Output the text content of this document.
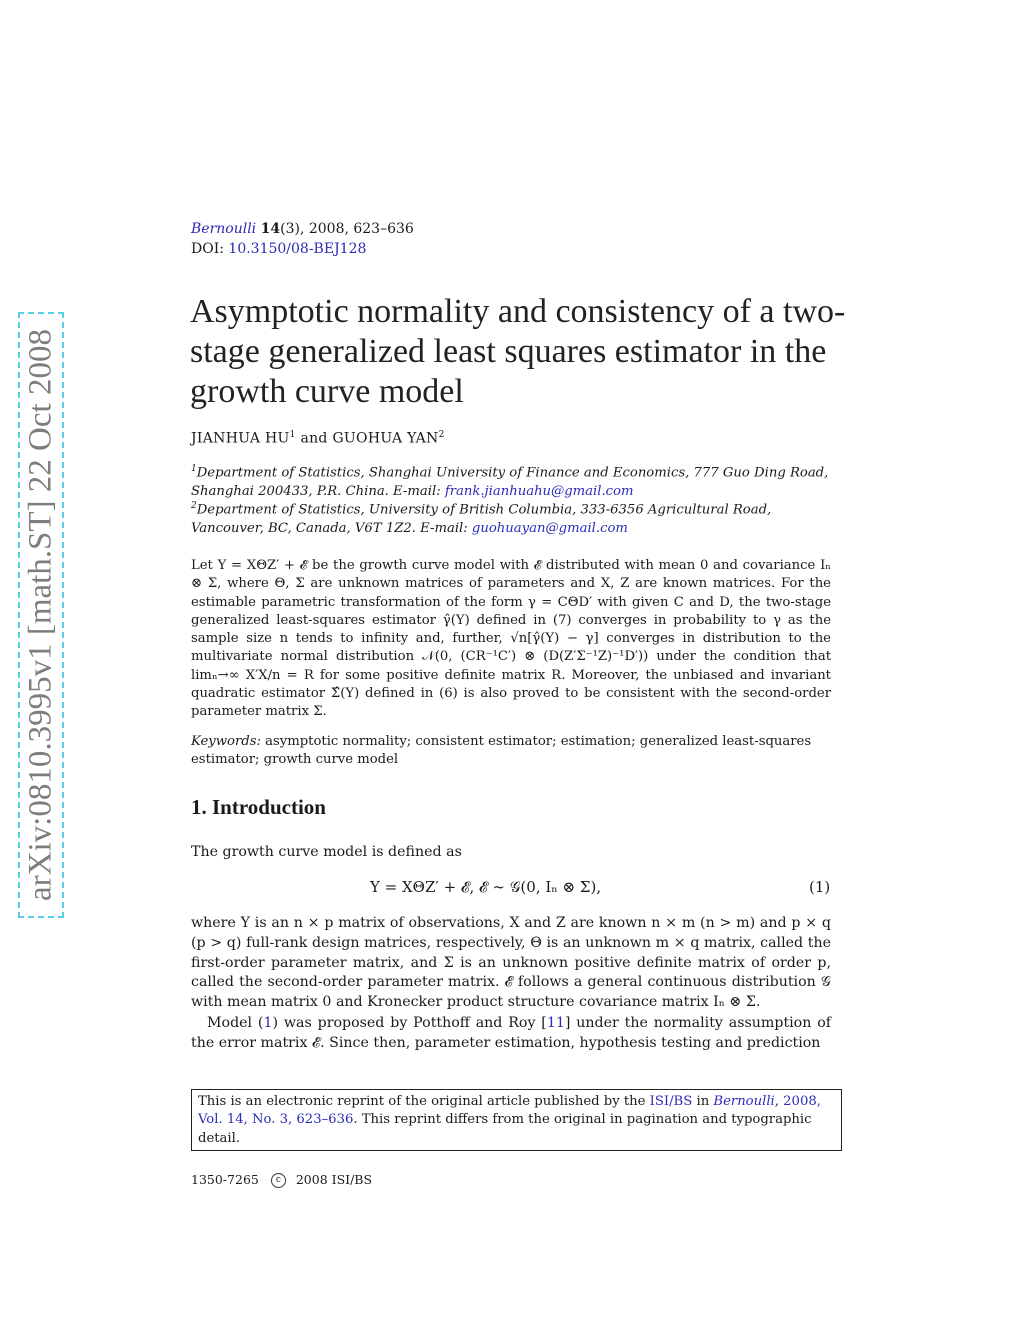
arXiv:0810.3995v1 [math.ST] 22 Oct 2008
Bernoulli 14(3), 2008, 623–636
DOI: 10.3150/08-BEJ128
Asymptotic normality and consistency of a two-stage generalized least squares estimator in the growth curve model
JIANHUA $HU^1$ and GUOHUA YAN$^2$
$^1$Department of Statistics, Shanghai University of Finance and Economics, 777 Guo Ding Road, Shanghai 200433, P.R. China. E-mail: frank.jianhuahu@gmail.com
$^2$Department of Statistics, University of British Columbia, 333-6356 Agricultural Road, Vancouver, BC, Canada, V6T 1Z2. E-mail: guohuayan@gmail.com

Let Y = XΘZ′ + 𝓔 be the growth curve model with 𝓔 distributed with mean 0 and covariance Iₙ ⊗ Σ, where Θ, Σ are unknown matrices of parameters and X, Z are known matrices. For the estimable parametric transformation of the form γ = CΘD′ with given C and D, the two-stage generalized least-squares estimator γ̂(Y) defined in (7) converges in probability to γ as the sample size n tends to infinity and, further, √n[γ̂(Y) − γ] converges in distribution to the multivariate normal distribution 𝒩(0, (CR⁻¹C′) ⊗ (D(Z′Σ⁻¹Z)⁻¹D′)) under the condition that limₙ→∞ X′X/n = R for some positive definite matrix R. Moreover, the unbiased and invariant quadratic estimator Σ̂(Y) defined in (6) is also proved to be consistent with the second-order parameter matrix Σ.

Keywords: asymptotic normality; consistent estimator; estimation; generalized least-squares estimator; growth curve model

1. Introduction

The growth curve model is defined as

Y = XΘZ′ + 𝓔, 𝓔 ∼ 𝒢(0, Iₙ ⊗ Σ),	(1)

where Y is an n × p matrix of observations, X and Z are known n × m (n > m) and p × q (p > q) full-rank design matrices, respectively, Θ is an unknown m × q matrix, called the first-order parameter matrix, and Σ is an unknown positive definite matrix of order p, called the second-order parameter matrix. 𝓔 follows a general continuous distribution 𝒢 with mean matrix 0 and Kronecker product structure covariance matrix Iₙ ⊗ Σ.

Model (1) was proposed by Potthoff and Roy [11] under the normality assumption of the error matrix 𝓔. Since then, parameter estimation, hypothesis testing and prediction

This is an electronic reprint of the original article published by the ISI/BS in Bernoulli, 2008, Vol. 14, No. 3, 623–636. This reprint differs from the original in pagination and typographic detail.
1350-7265 c 2008 ISI/BS
